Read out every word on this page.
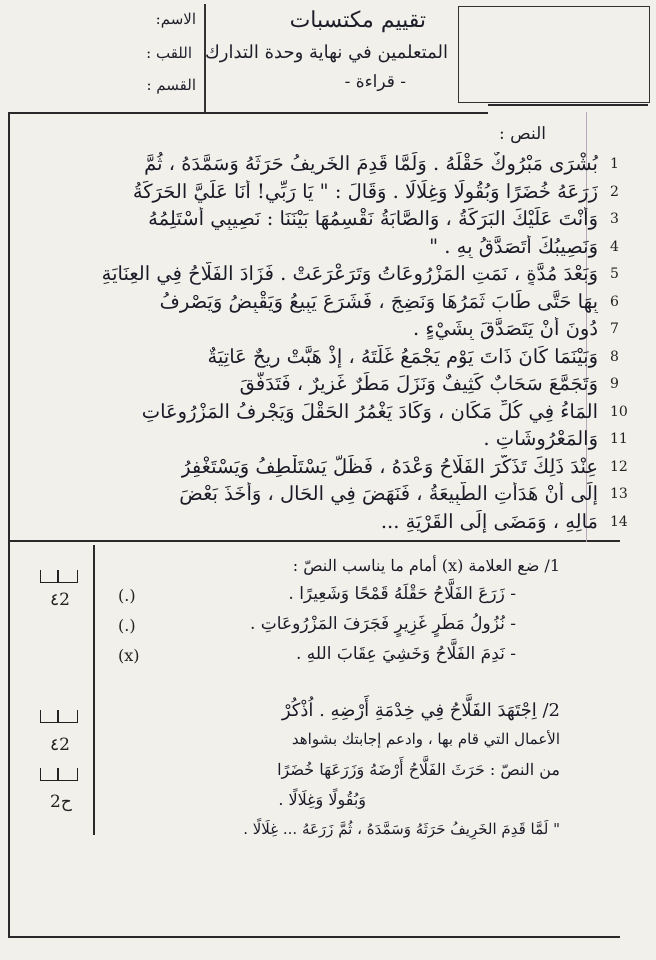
الاسم:
اللقب :
القسم :
تقييم مكتسبات
المتعلمين في نهاية وحدة التدارك
- قراءة -
النص :
1
بُشْرَى مَبْرُوكٌ حَقْلَهُ . وَلَمَّا قَدِمَ الخَرِيفُ حَرَثَهُ وَسَمَّدَهُ ، ثُمَّ
2
زَرَعَهُ خُضَرًا وَبُقُولًا وَغِلَالًا . وَقَالَ : " يَا رَبِّي! أَنَا عَلَيَّ الحَرَكَةُ
3
وَأَنْتَ عَلَيْكَ البَرَكَةُ ، وَالصَّابَةُ نَقْسِمُهَا بَيْنَنَا : نَصِيبِي أَسْتَلِمُهُ
4
وَنَصِيبُكَ أَتَصَدَّقُ بِهِ . "
5
وَبَعْدَ مُدَّةٍ ، نَمَتِ المَزْرُوعَاتُ وَتَرَعْرَعَتْ . فَزَادَ الفَلَّاحُ فِي العِنَايَةِ
6
بِهَا حَتَّى طَابَ ثَمَرُهَا وَنَضِجَ ، فَشَرَعَ يَبِيعُ وَيَقْبِضُ وَيَصْرِفُ
7
دُونَ أَنْ يَتَصَدَّقَ بِشَيْءٍ .
8
وَبَيْنَمَا كَانَ ذَاتَ يَوْمٍ يَجْمَعُ غَلَّتَهُ ، إِذْ هَبَّتْ رِيحٌ عَاتِيَةٌ
9
وَتَجَمَّعَ سَحَابٌ كَثِيفٌ وَنَزَلَ مَطَرٌ غَزِيرٌ ، فَتَدَفَّقَ
10
المَاءُ فِي كُلِّ مَكَانٍ ، وَكَادَ يَغْمُرُ الحَقْلَ وَيَجْرِفُ المَزْرُوعَاتِ
11
وَالمَعْرُوشَاتِ .
12
عِنْدَ ذَلِكَ تَذَكَّرَ الفَلَّاحُ وَعْدَهُ ، فَظَلَّ يَسْتَلْطِفُ وَيَسْتَغْفِرُ
13
إِلَى أَنْ هَدَأَتِ الطَّبِيعَةُ ، فَنَهَضَ فِي الحَالِ ، وَأَخَذَ بَعْضَ
14
مَالِهِ ، وَمَضَى إِلَى القَرْيَةِ ...
1/ ضع العلامة (x) أمام ما يناسب النصّ :
- زَرَعَ الفَلَّاحُ حَقْلَهُ قَمْحًا وَشَعِيرًا .
(.)
- نُزُولُ مَطَرٍ غَزِيرٍ فَجَرَفَ المَزْرُوعَاتِ .
(.)
- نَدِمَ الفَلَّاحُ وَخَشِيَ عِقَابَ اللهِ .
(x)
٤2
2/ اِجْتَهَدَ الفَلَّاحُ فِي خِدْمَةِ أَرْضِهِ . اُذْكُرْ
الأعمال التي قام بها ، وادعم إجابتك بشواهد
من النصّ : حَرَثَ الفَلَّاحُ أَرْضَهُ وَزَرَعَهَا خُضَرًا
وَبُقُولًا وَغِلَالًا .
" لَمَّا قَدِمَ الخَرِيفُ حَرَثَهُ وَسَمَّدَهُ ، ثُمَّ زَرَعَهُ ... غِلَالًا .
٤2
ح2
